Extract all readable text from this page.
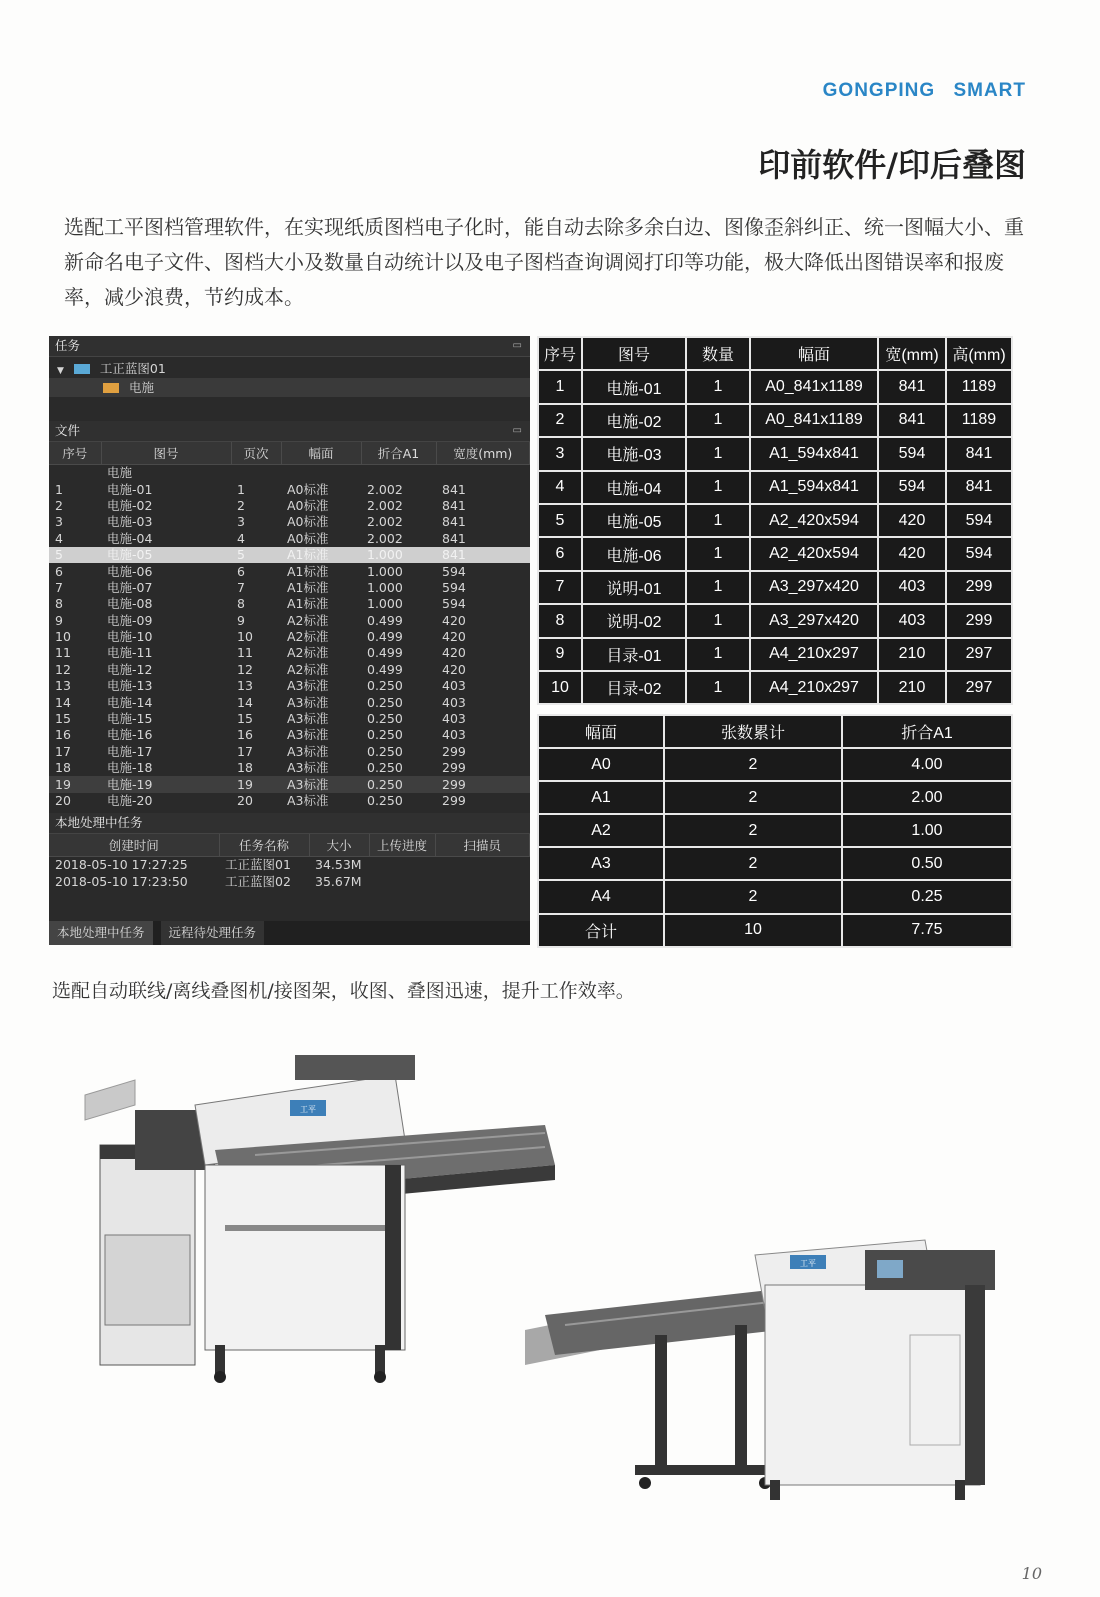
GONGPING SMART
印前软件/印后叠图
选配工平图档管理软件，在实现纸质图档电子化时，能自动去除多余白边、图像歪斜纠正、统一图幅大小、重新命名电子文件、图档大小及数量自动统计以及电子图档查询调阅打印等功能，极大降低出图错误率和报废率，减少浪费，节约成本。
任务	▭
▼	工正蓝图01
电施
文件	▭
序号	图号	页次	幅面	折合A1	宽度(mm)
	电施				
1	电施-01	1	A0标准	2.002	841
2	电施-02	2	A0标准	2.002	841
3	电施-03	3	A0标准	2.002	841
4	电施-04	4	A0标准	2.002	841
5	电施-05	5	A1标准	1.000	841
6	电施-06	6	A1标准	1.000	594
7	电施-07	7	A1标准	1.000	594
8	电施-08	8	A1标准	1.000	594
9	电施-09	9	A2标准	0.499	420
10	电施-10	10	A2标准	0.499	420
11	电施-11	11	A2标准	0.499	420
12	电施-12	12	A2标准	0.499	420
13	电施-13	13	A3标准	0.250	403
14	电施-14	14	A3标准	0.250	403
15	电施-15	15	A3标准	0.250	403
16	电施-16	16	A3标准	0.250	403
17	电施-17	17	A3标准	0.250	299
18	电施-18	18	A3标准	0.250	299
19	电施-19	19	A3标准	0.250	299
20	电施-20	20	A3标准	0.250	299
本地处理中任务
创建时间	任务名称	大小	上传进度	扫描员
2018-05-10 17:27:25	工正蓝图01	34.53M		
2018-05-10 17:23:50	工正蓝图02	35.67M		
本地处理中任务 远程待处理任务
序号	图号	数量	幅面	宽(mm)	高(mm)
1	电施-01	1	A0_841x1189	841	1189
2	电施-02	1	A0_841x1189	841	1189
3	电施-03	1	A1_594x841	594	841
4	电施-04	1	A1_594x841	594	841
5	电施-05	1	A2_420x594	420	594
6	电施-06	1	A2_420x594	420	594
7	说明-01	1	A3_297x420	403	299
8	说明-02	1	A3_297x420	403	299
9	目录-01	1	A4_210x297	210	297
10	目录-02	1	A4_210x297	210	297
幅面	张数累计	折合A1
A0	2	4.00
A1	2	2.00
A2	2	1.00
A3	2	0.50
A4	2	0.25
合计	10	7.75
选配自动联线/离线叠图机/接图架，收图、叠图迅速，提升工作效率。
工平
工平
10
